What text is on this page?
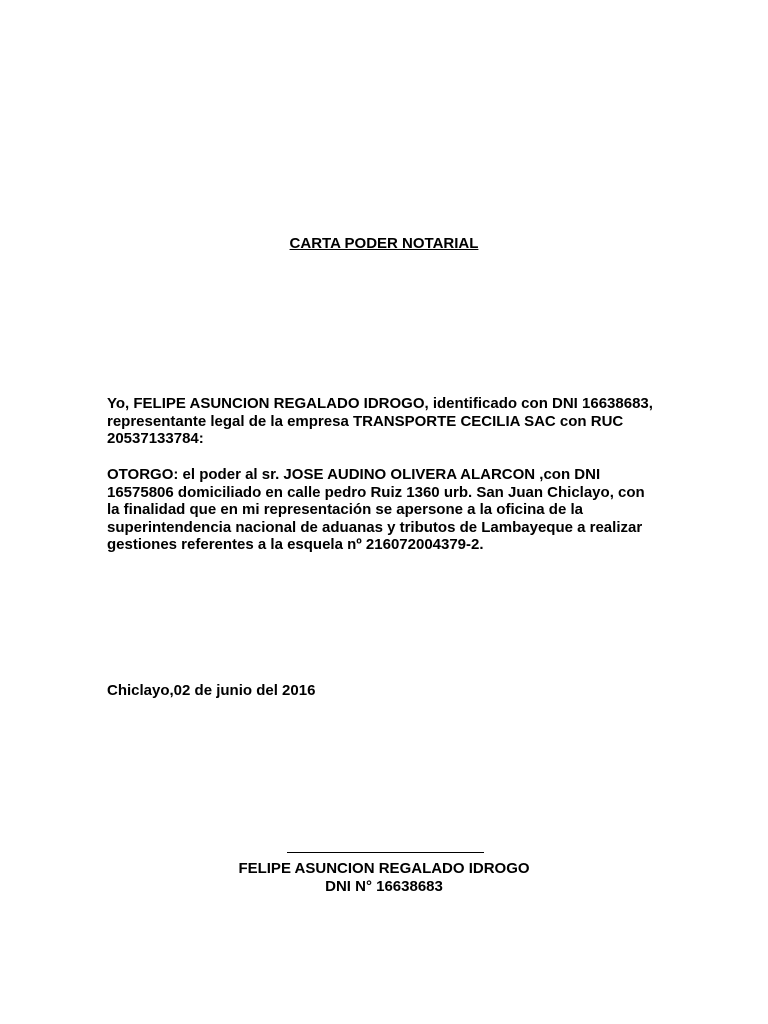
CARTA PODER NOTARIAL

Yo, FELIPE ASUNCION REGALADO IDROGO, identificado con DNI 16638683,
representante legal de la empresa TRANSPORTE CECILIA SAC con RUC
20537133784:

OTORGO: el poder al sr. JOSE AUDINO OLIVERA ALARCON ,con DNI
16575806 domiciliado en calle pedro Ruiz 1360 urb. San Juan Chiclayo, con
la finalidad que en mi representación se apersone a la oficina de la
superintendencia nacional de aduanas y tributos de Lambayeque a realizar
gestiones referentes a la esquela nº 216072004379-2.

Chiclayo,02 de junio del 2016

FELIPE ASUNCION REGALADO IDROGO
DNI N° 16638683
